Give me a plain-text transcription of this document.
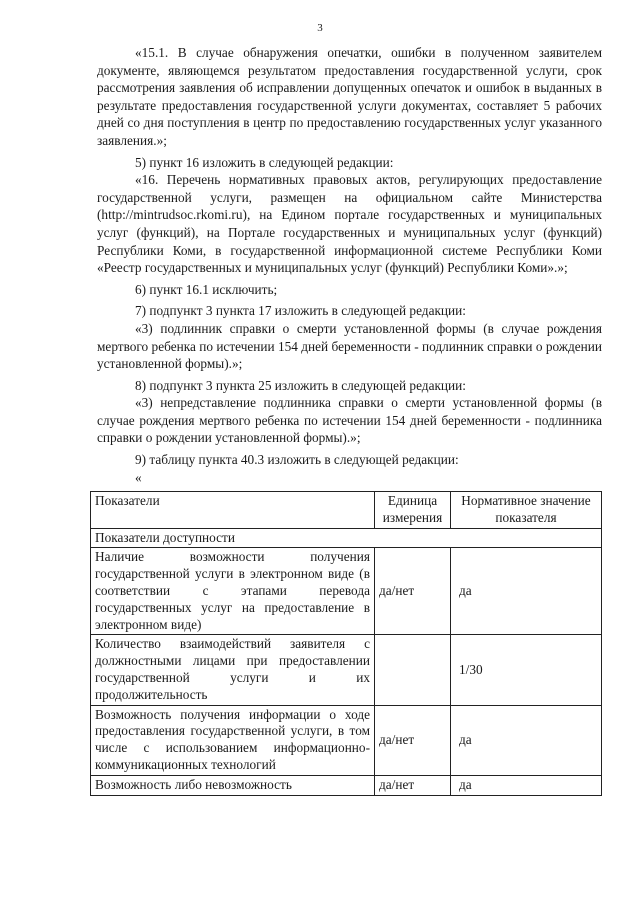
3

«15.1. В случае обнаружения опечатки, ошибки в полученном заявителем документе, являющемся результатом предоставления государственной услуги, срок рассмотрения заявления об исправлении допущенных опечаток и ошибок в выданных в результате предоставления государственной услуги документах, составляет 5 рабочих дней со дня поступления в центр по предоставлению государственных услуг указанного заявления.»;

5) пункт 16 изложить в следующей редакции:

«16. Перечень нормативных правовых актов, регулирующих предоставление государственной услуги, размещен на официальном сайте Министерства (http://mintrudsoc.rkomi.ru), на Едином портале государственных и муниципальных услуг (функций), на Портале государственных и муниципальных услуг (функций) Республики Коми, в государственной информационной системе Республики Коми «Реестр государственных и муниципальных услуг (функций) Республики Коми».»;

6) пункт 16.1 исключить;

7) подпункт 3 пункта 17 изложить в следующей редакции:

«3) подлинник справки о смерти установленной формы (в случае рождения мертвого ребенка по истечении 154 дней беременности - подлинник справки о рождении установленной формы).»;

8) подпункт 3 пункта 25 изложить в следующей редакции:

«3) непредставление подлинника справки о смерти установленной формы (в случае рождения мертвого ребенка по истечении 154 дней беременности - подлинника справки о рождении установленной формы).»;

9) таблицу пункта 40.3 изложить в следующей редакции:

«

Показатели	Единица измерения	Нормативное значение показателя
Показатели доступности		
Наличие возможности получения государственной услуги в электронном виде (в соответствии с этапами перевода государственных услуг на предоставление в электронном виде)	да/нет	да
Количество взаимодействий заявителя с должностными лицами при предоставлении государственной услуги и их продолжительность		1/30
Возможность получения информации о ходе предоставления государственной услуги, в том числе с использованием информационно-коммуникационных технологий	да/нет	да
Возможность либо невозможность	да/нет	да
